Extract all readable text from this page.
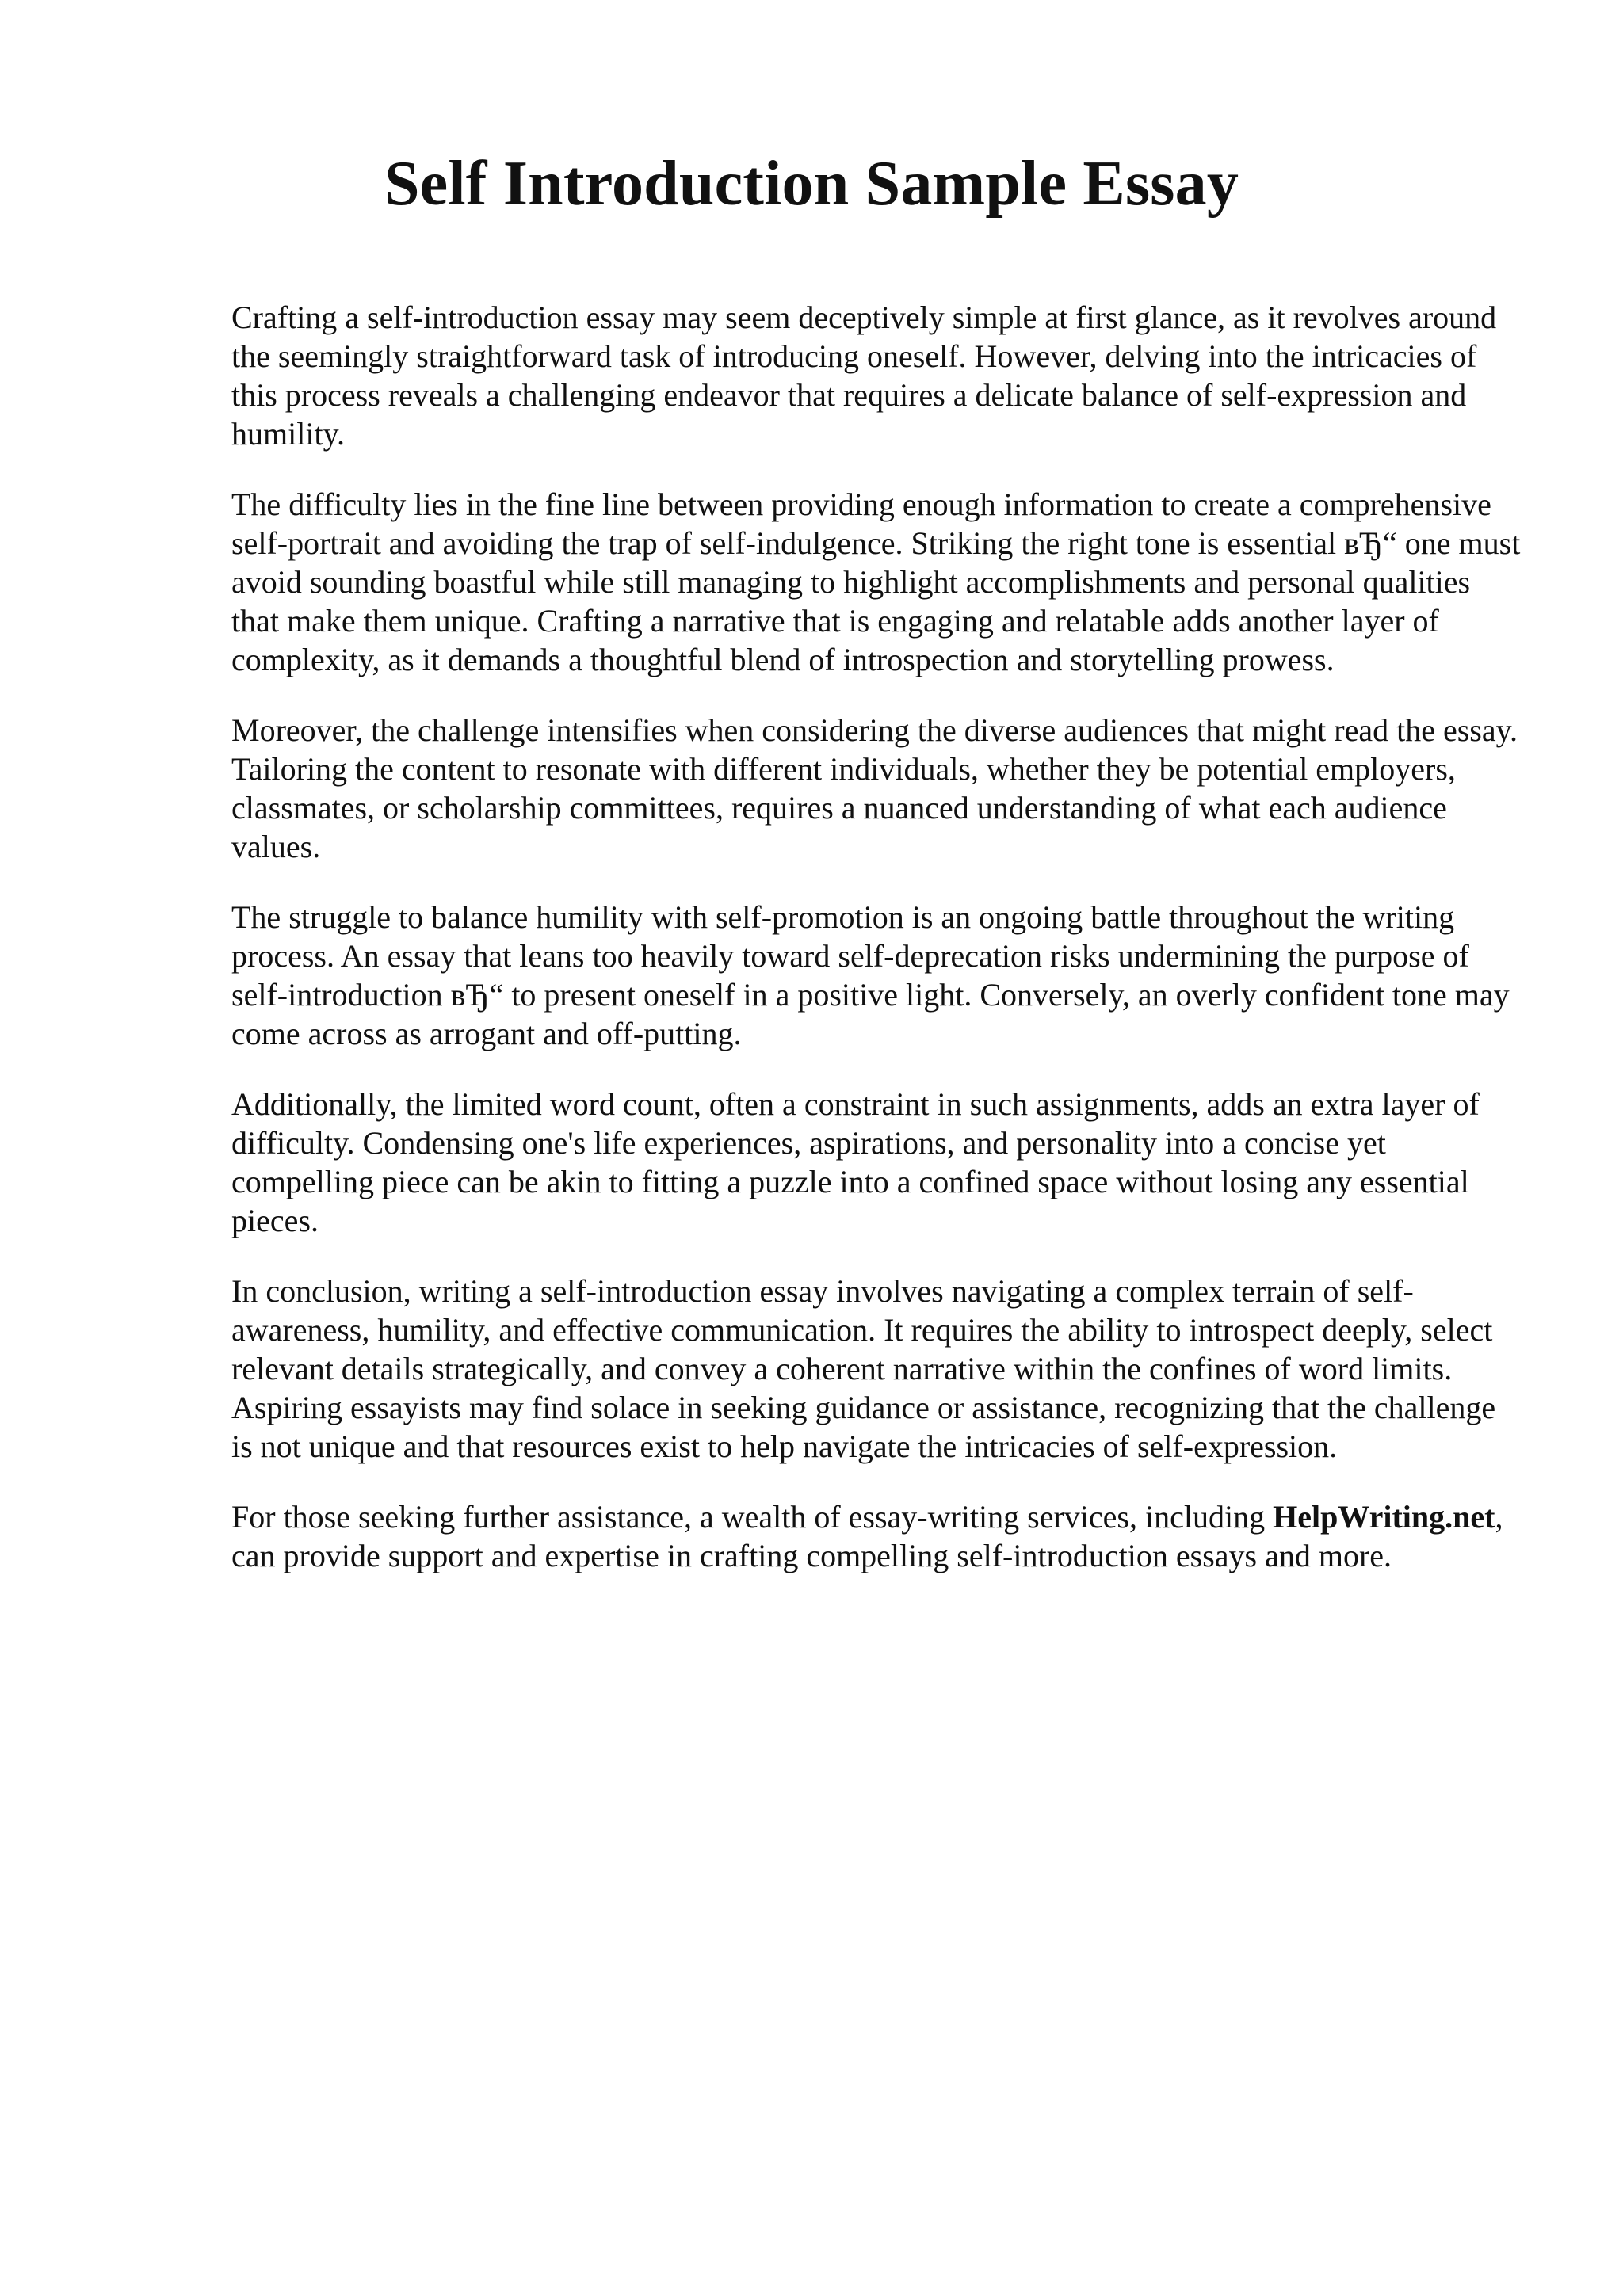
Self Introduction Sample Essay

Crafting a self-introduction essay may seem deceptively simple at first glance, as it revolves around the seemingly straightforward task of introducing oneself. However, delving into the intricacies of this process reveals a challenging endeavor that requires a delicate balance of self-expression and humility.

The difficulty lies in the fine line between providing enough information to create a comprehensive self-portrait and avoiding the trap of self-indulgence. Striking the right tone is essential вЂ“ one must avoid sounding boastful while still managing to highlight accomplishments and personal qualities that make them unique. Crafting a narrative that is engaging and relatable adds another layer of complexity, as it demands a thoughtful blend of introspection and storytelling prowess.

Moreover, the challenge intensifies when considering the diverse audiences that might read the essay. Tailoring the content to resonate with different individuals, whether they be potential employers, classmates, or scholarship committees, requires a nuanced understanding of what each audience values.

The struggle to balance humility with self-promotion is an ongoing battle throughout the writing process. An essay that leans too heavily toward self-deprecation risks undermining the purpose of self-introduction вЂ“ to present oneself in a positive light. Conversely, an overly confident tone may come across as arrogant and off-putting.

Additionally, the limited word count, often a constraint in such assignments, adds an extra layer of difficulty. Condensing one's life experiences, aspirations, and personality into a concise yet compelling piece can be akin to fitting a puzzle into a confined space without losing any essential pieces.

In conclusion, writing a self-introduction essay involves navigating a complex terrain of self-awareness, humility, and effective communication. It requires the ability to introspect deeply, select relevant details strategically, and convey a coherent narrative within the confines of word limits. Aspiring essayists may find solace in seeking guidance or assistance, recognizing that the challenge is not unique and that resources exist to help navigate the intricacies of self-expression.

For those seeking further assistance, a wealth of essay-writing services, including HelpWriting.net, can provide support and expertise in crafting compelling self-introduction essays and more.
